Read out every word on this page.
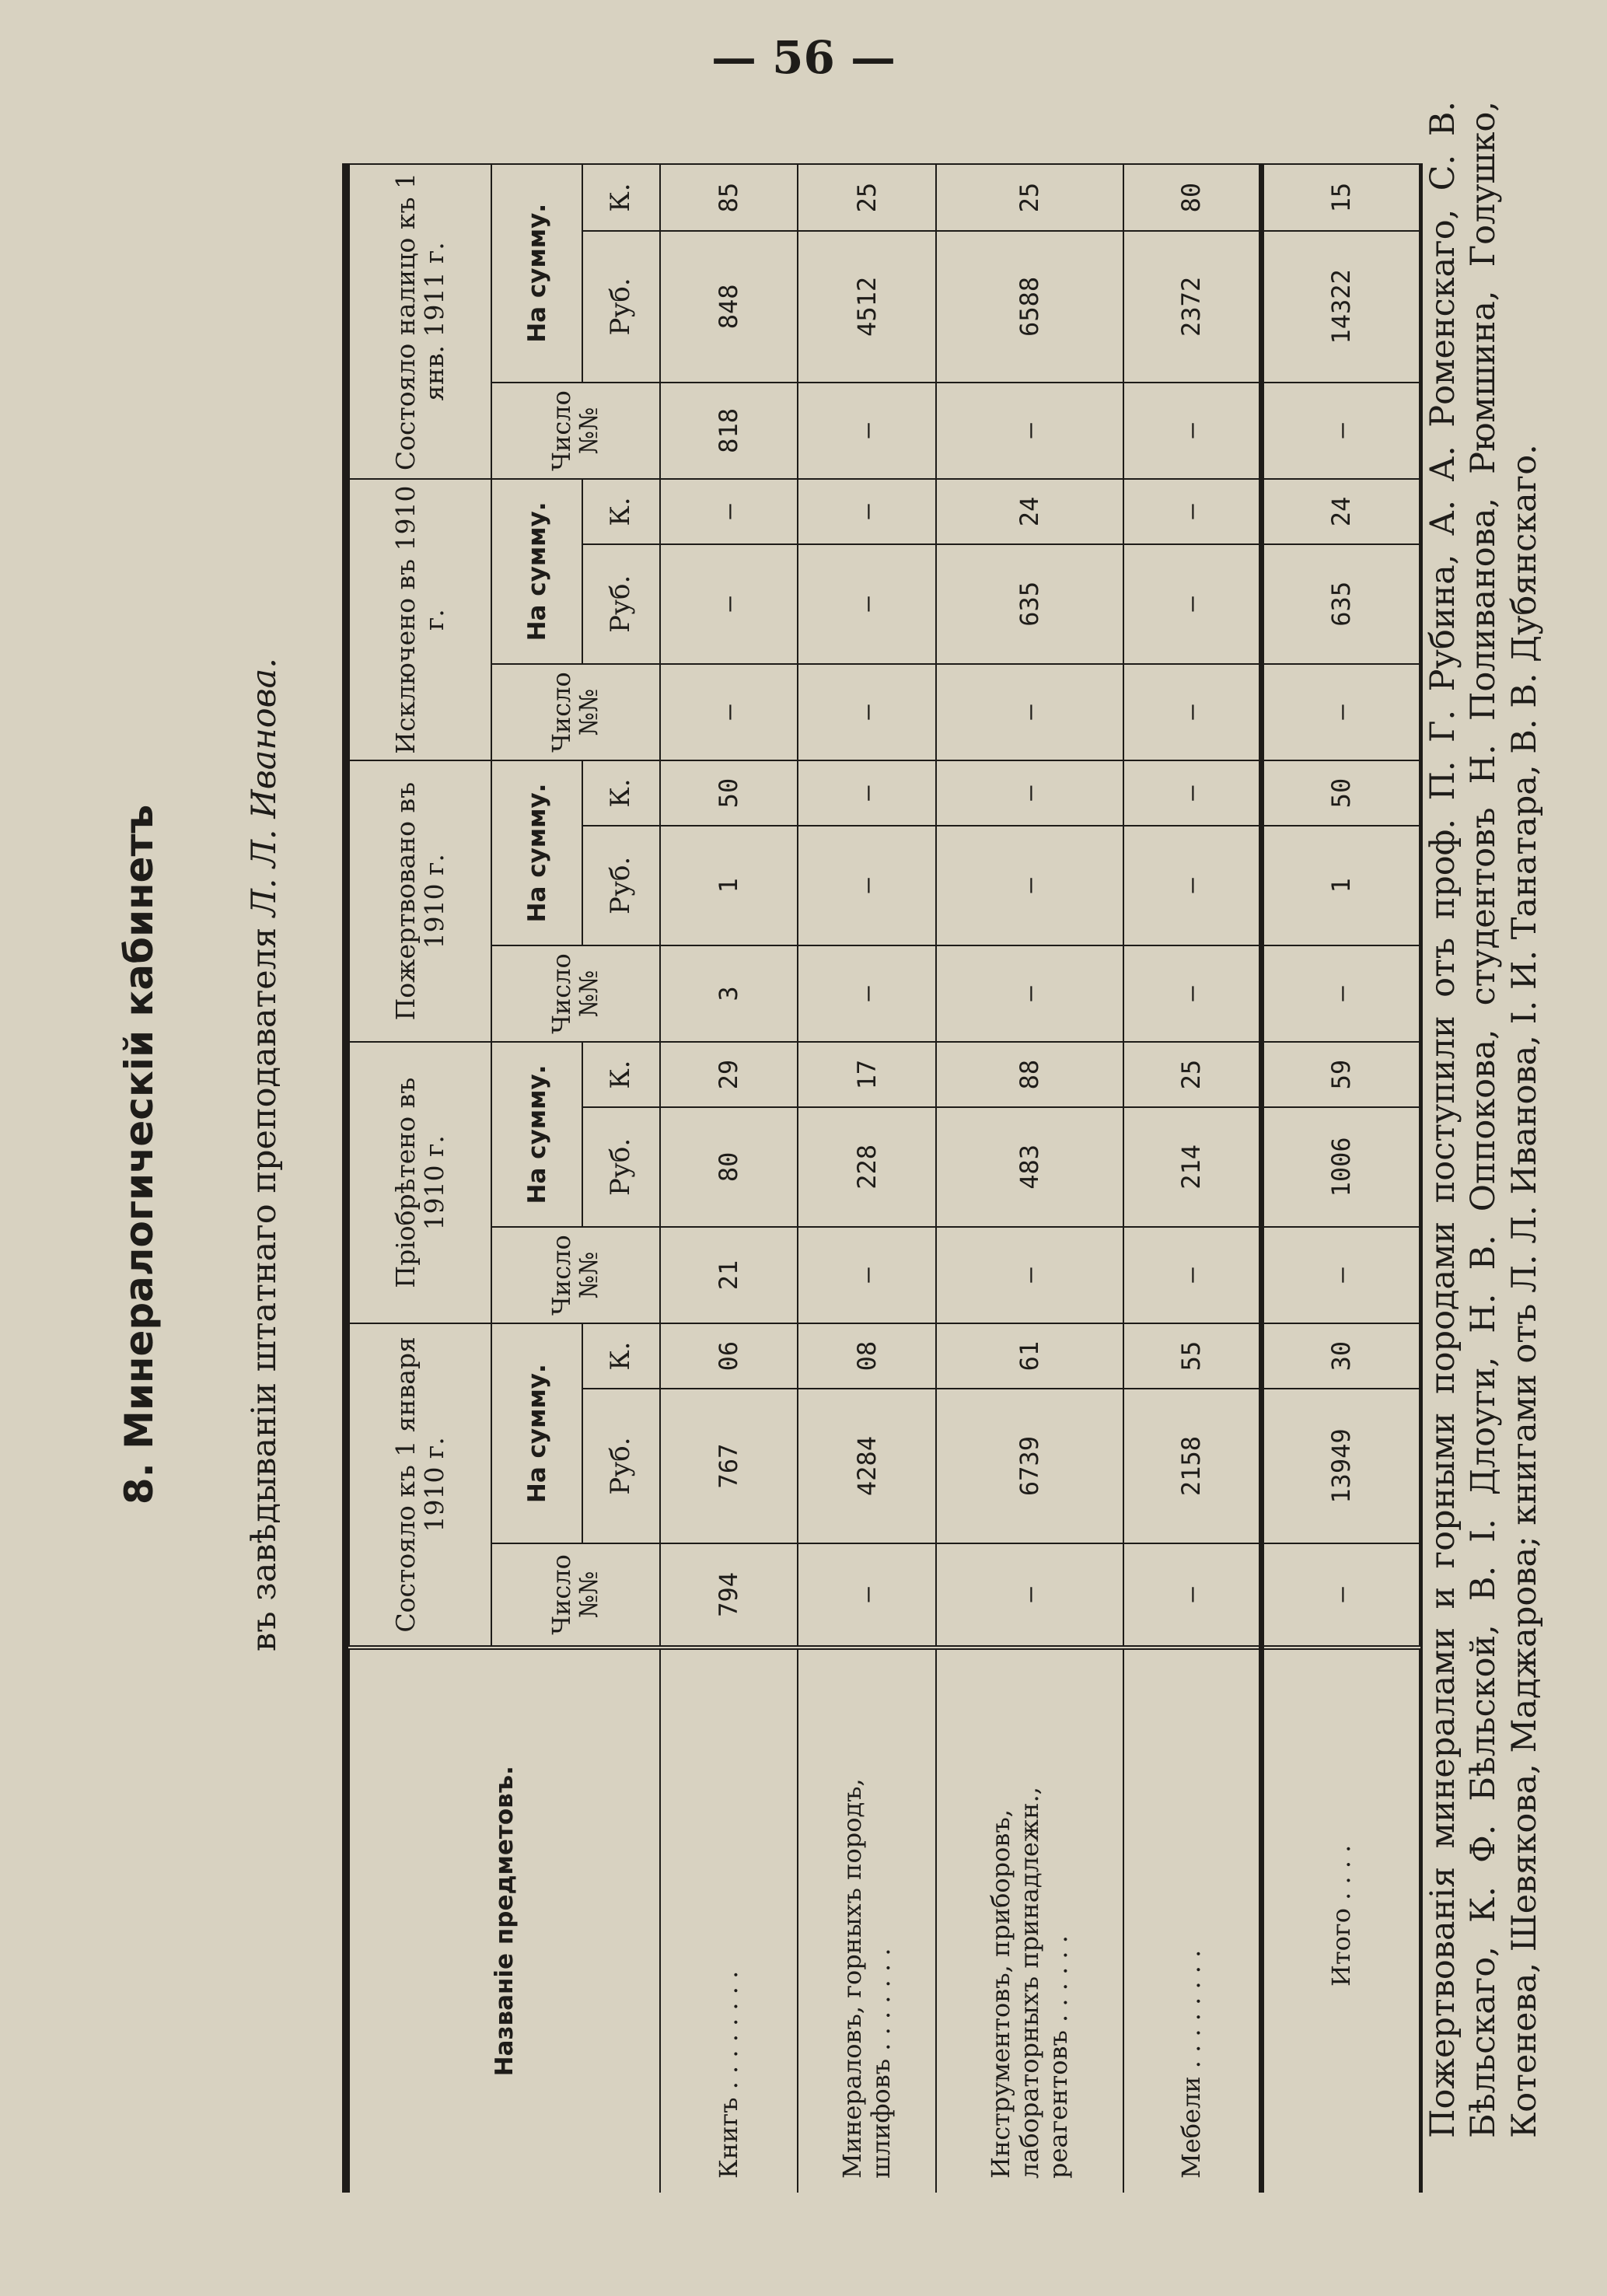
— 56 —
8. Минералогическій кабинетъ въ завѣдываніи штатнаго преподавателя Л. Л. Иванова.
Названіе предметовъ.	Состояло къ 1 января 1910 г.			Пріобрѣтено въ 1910 г.			Пожертвовано въ 1910 г.			Исключено въ 1910 г.			Состояло налицо къ 1 янв. 1911 г.		
	Число №№	На сумму.		Число №№	На сумму.		Число №№	На сумму.		Число №№	На сумму.		Число №№	На сумму.	
		Руб.	К.		Руб.	К.		Руб.	К.		Руб.	К.		Руб.	К.
Книгъ . . . . . . . .	794	767	06	21	80	29	3	1	50	—	—	—	818	848	85
Минераловъ, горныхъ породъ, шлифовъ . . . . . . .	—	4284	08	—	228	17	—	—	—	—	—	—	—	4512	25
Инструментовъ, приборовъ, лабораторныхъ принадлежн., реагентовъ . . . . . .	—	6739	61	—	483	88	—	—	—	—	635	24	—	6588	25
Мебели . . . . . . . .	—	2158	55	—	214	25	—	—	—	—	—	—	—	2372	80
Итого . . . .	—	13949	30	—	1006	59	—	1	50	—	635	24	—	14322	15 Пожертвованія минералами и горными породами поступили отъ проф. П. Г. Рубина, А. А. Роменскаго, С. В. Бѣльскаго, К. Ф. Бѣльской, В. I. Длоуги, Н. В. Оппокова, студентовъ Н. Поливанова, Рюмшина, Голушко, Котенева, Шевякова, Маджарова; книгами отъ Л. Л. Иванова, I. И. Танатара, В. В. Дубянскаго.
